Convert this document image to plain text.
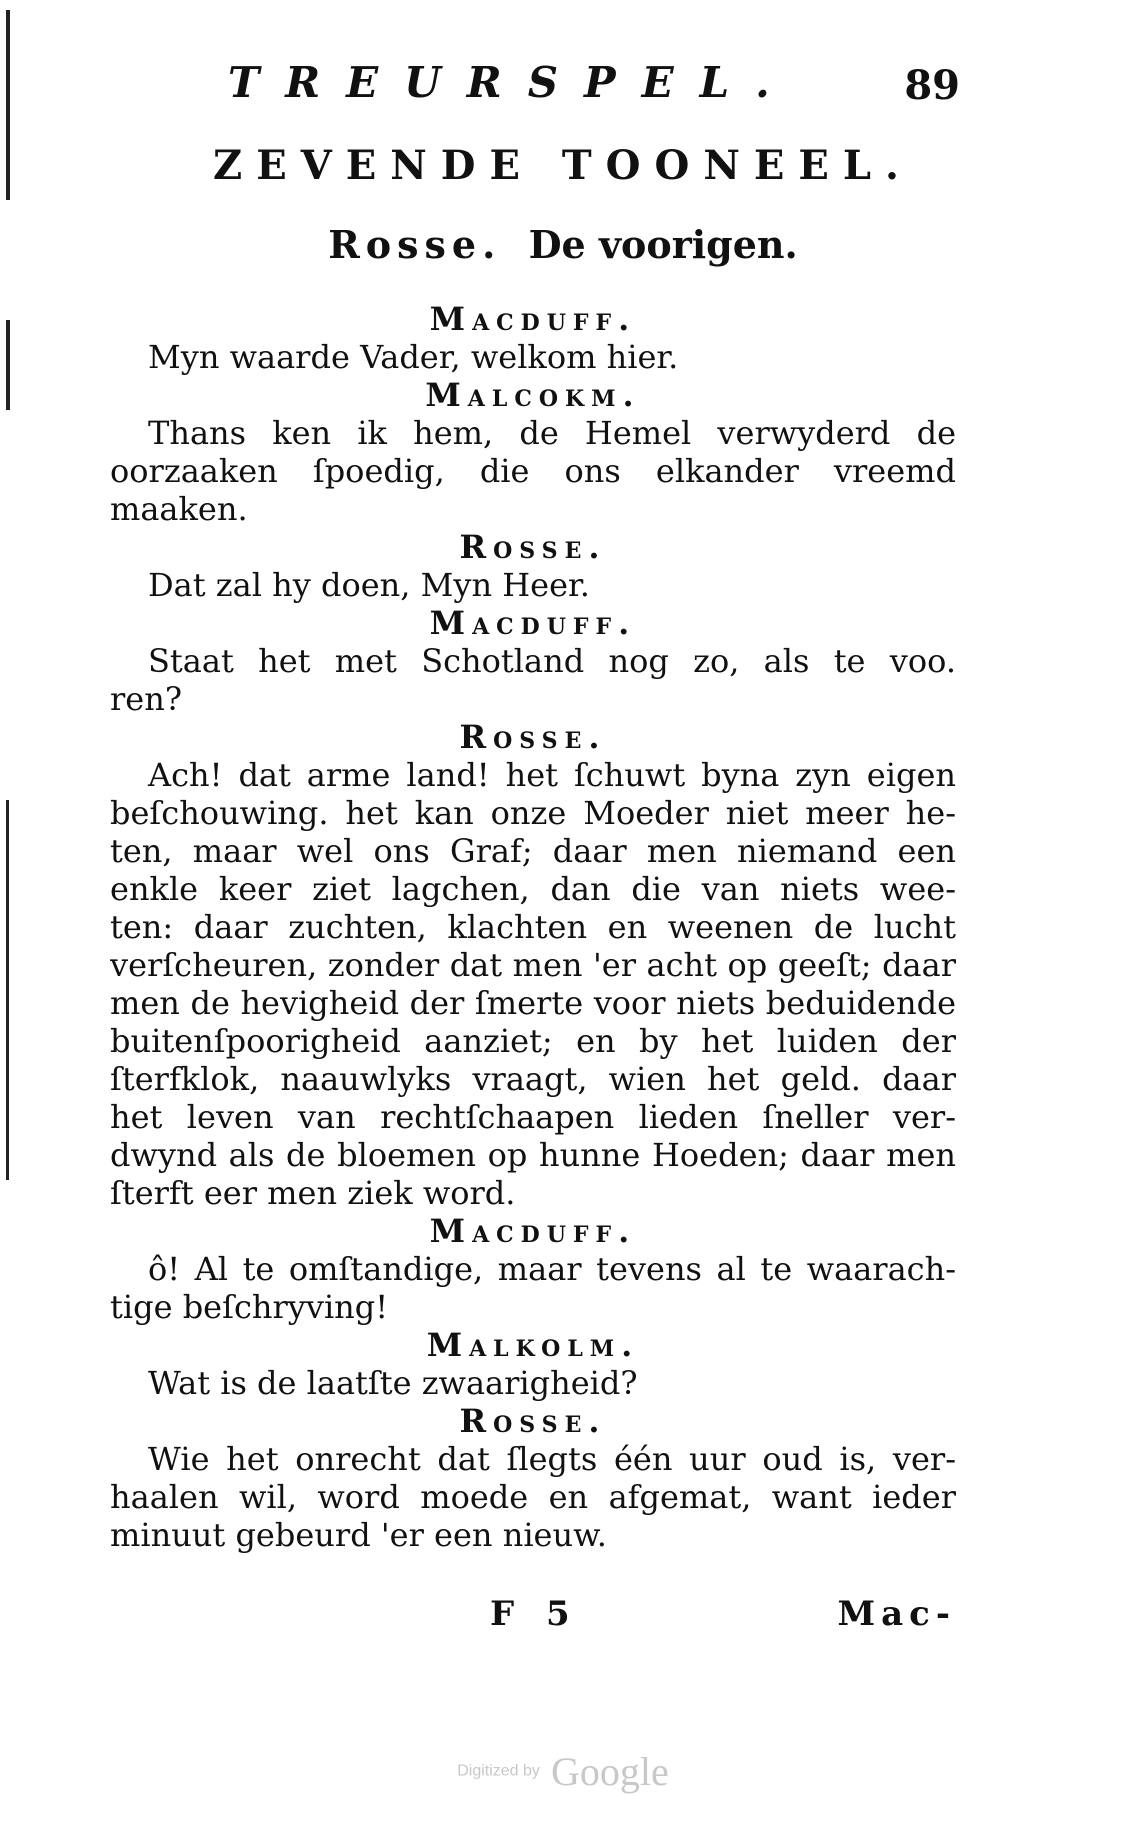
TREURSPEL.	89
ZEVENDE TOONEEL.
Rosse. De voorigen.
Macduff.
Myn waarde Vader, welkom hier.
Malcokm.
Thans ken ik hem, de Hemel verwyderd de
oorzaaken ſpoedig, die ons elkander vreemd
maaken.
Rosse.
Dat zal hy doen, Myn Heer.
Macduff.
Staat het met Schotland nog zo, als te voo.
ren?
Rosse.
Ach! dat arme land! het ſchuwt byna zyn eigen
beſchouwing. het kan onze Moeder niet meer he-
ten, maar wel ons Graf; daar men niemand een
enkle keer ziet lagchen, dan die van niets wee-
ten: daar zuchten, klachten en weenen de lucht
verſcheuren, zonder dat men 'er acht op geeſt; daar
men de hevigheid der ſmerte voor niets beduidende
buitenſpoorigheid aanziet; en by het luiden der
ſterfklok, naauwlyks vraagt, wien het geld. daar
het leven van rechtſchaapen lieden ſneller ver-
dwynd als de bloemen op hunne Hoeden; daar men
ſterft eer men ziek word.
Macduff.
ô! Al te omſtandige, maar tevens al te waarach-
tige beſchryving!
Malkolm.
Wat is de laatſte zwaarigheid?
Rosse.
Wie het onrecht dat ſlegts één uur oud is, ver-
haalen wil, word moede en afgemat, want ieder
minuut gebeurd 'er een nieuw.
F 5	Mac-
Digitized by Google
